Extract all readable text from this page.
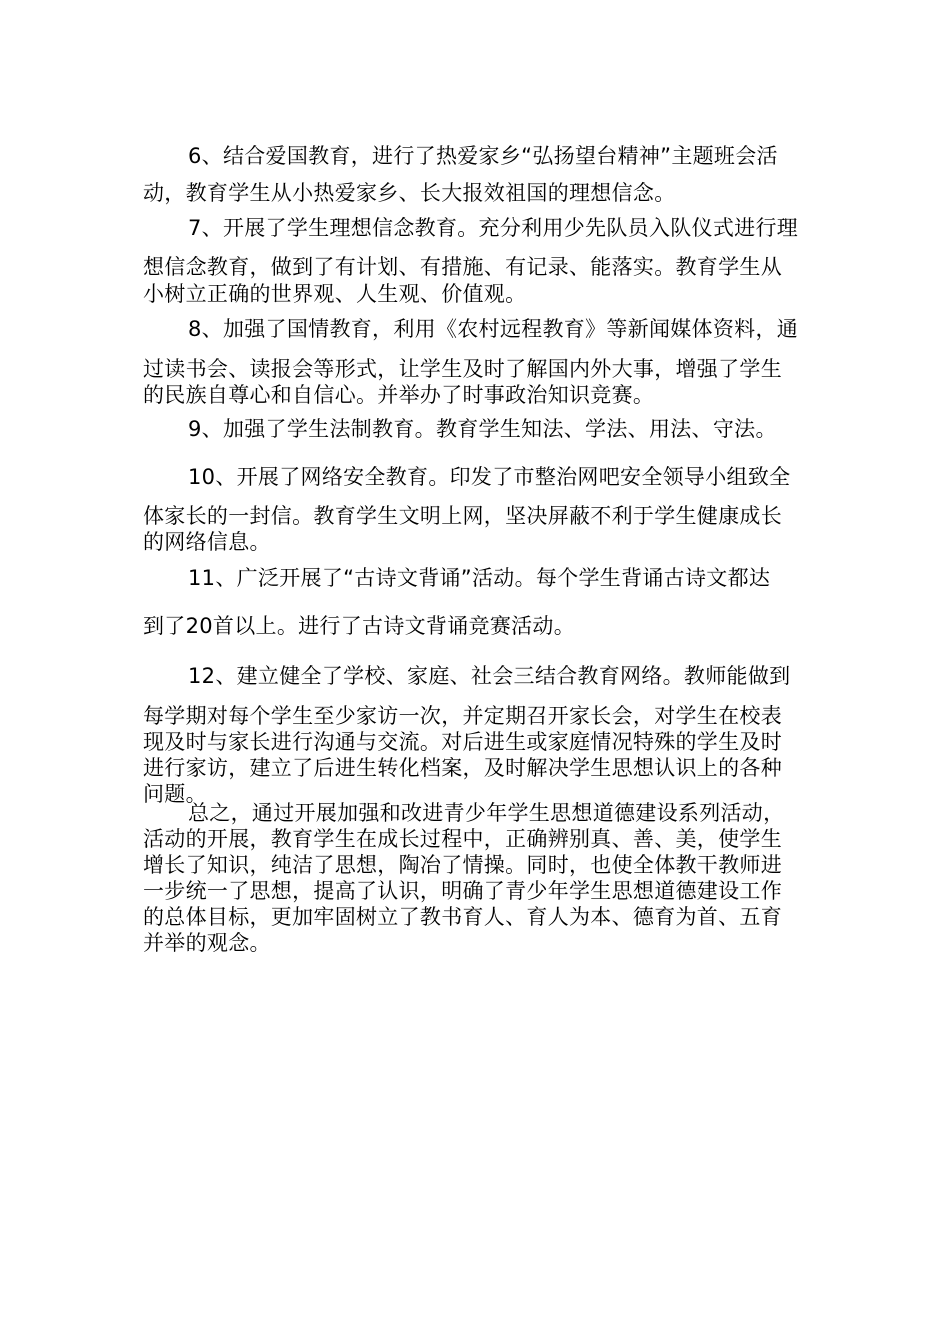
6、结合爱国教育，进行了热爱家乡“弘扬望台精神”主题班会活
动，教育学生从小热爱家乡、长大报效祖国的理想信念。
7、开展了学生理想信念教育。充分利用少先队员入队仪式进行理
想信念教育，做到了有计划、有措施、有记录、能落实。教育学生从
小树立正确的世界观、人生观、价值观。
8、加强了国情教育，利用《农村远程教育》等新闻媒体资料，通
过读书会、读报会等形式，让学生及时了解国内外大事，增强了学生
的民族自尊心和自信心。并举办了时事政治知识竞赛。
9、加强了学生法制教育。教育学生知法、学法、用法、守法。
10、开展了网络安全教育。印发了市整治网吧安全领导小组致全
体家长的一封信。教育学生文明上网，坚决屏蔽不利于学生健康成长
的网络信息。
11、广泛开展了“古诗文背诵”活动。每个学生背诵古诗文都达
到了20首以上。进行了古诗文背诵竞赛活动。
12、建立健全了学校、家庭、社会三结合教育网络。教师能做到
每学期对每个学生至少家访一次，并定期召开家长会，对学生在校表
现及时与家长进行沟通与交流。对后进生或家庭情况特殊的学生及时
进行家访，建立了后进生转化档案，及时解决学生思想认识上的各种
问题。
总之，通过开展加强和改进青少年学生思想道德建设系列活动，
活动的开展，教育学生在成长过程中，正确辨别真、善、美，使学生
增长了知识，纯洁了思想，陶冶了情操。同时，也使全体教干教师进
一步统一了思想，提高了认识，明确了青少年学生思想道德建设工作
的总体目标，更加牢固树立了教书育人、育人为本、德育为首、五育
并举的观念。
